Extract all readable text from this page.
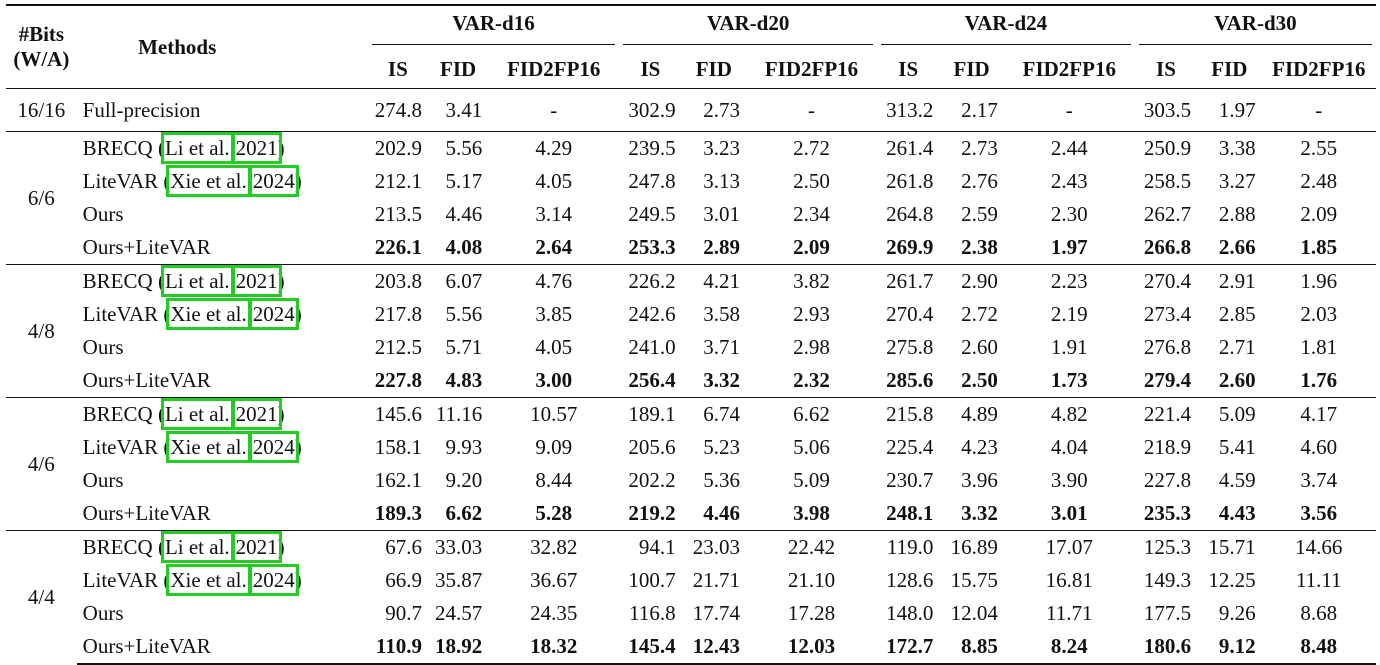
#Bits
(W/A)	Methods	VAR-d16			VAR-d20			VAR-d24			VAR-d30		

		IS	FID	FID2FP16	IS	FID	FID2FP16	IS	FID	FID2FP16	IS	FID	FID2FP16
16/16	Full-precision	274.8	3.41	-	302.9	2.73	-	313.2	2.17	-	303.5	1.97	-
6/6	BRECQ (Li et al. 2021)	202.9	5.56	4.29	239.5	3.23	2.72	261.4	2.73	2.44	250.9	3.38	2.55
	LiteVAR (Xie et al. 2024)	212.1	5.17	4.05	247.8	3.13	2.50	261.8	2.76	2.43	258.5	3.27	2.48
	Ours	213.5	4.46	3.14	249.5	3.01	2.34	264.8	2.59	2.30	262.7	2.88	2.09
	Ours+LiteVAR	226.1	4.08	2.64	253.3	2.89	2.09	269.9	2.38	1.97	266.8	2.66	1.85
4/8	BRECQ (Li et al. 2021)	203.8	6.07	4.76	226.2	4.21	3.82	261.7	2.90	2.23	270.4	2.91	1.96
	LiteVAR (Xie et al. 2024)	217.8	5.56	3.85	242.6	3.58	2.93	270.4	2.72	2.19	273.4	2.85	2.03
	Ours	212.5	5.71	4.05	241.0	3.71	2.98	275.8	2.60	1.91	276.8	2.71	1.81
	Ours+LiteVAR	227.8	4.83	3.00	256.4	3.32	2.32	285.6	2.50	1.73	279.4	2.60	1.76
4/6	BRECQ (Li et al. 2021)	145.6	11.16	10.57	189.1	6.74	6.62	215.8	4.89	4.82	221.4	5.09	4.17
	LiteVAR (Xie et al. 2024)	158.1	9.93	9.09	205.6	5.23	5.06	225.4	4.23	4.04	218.9	5.41	4.60
	Ours	162.1	9.20	8.44	202.2	5.36	5.09	230.7	3.96	3.90	227.8	4.59	3.74
	Ours+LiteVAR	189.3	6.62	5.28	219.2	4.46	3.98	248.1	3.32	3.01	235.3	4.43	3.56
4/4	BRECQ (Li et al. 2021)	67.6	33.03	32.82	94.1	23.03	22.42	119.0	16.89	17.07	125.3	15.71	14.66
	LiteVAR (Xie et al. 2024)	66.9	35.87	36.67	100.7	21.71	21.10	128.6	15.75	16.81	149.3	12.25	11.11
	Ours	90.7	24.57	24.35	116.8	17.74	17.28	148.0	12.04	11.71	177.5	9.26	8.68
	Ours+LiteVAR	110.9	18.92	18.32	145.4	12.43	12.03	172.7	8.85	8.24	180.6	9.12	8.48
